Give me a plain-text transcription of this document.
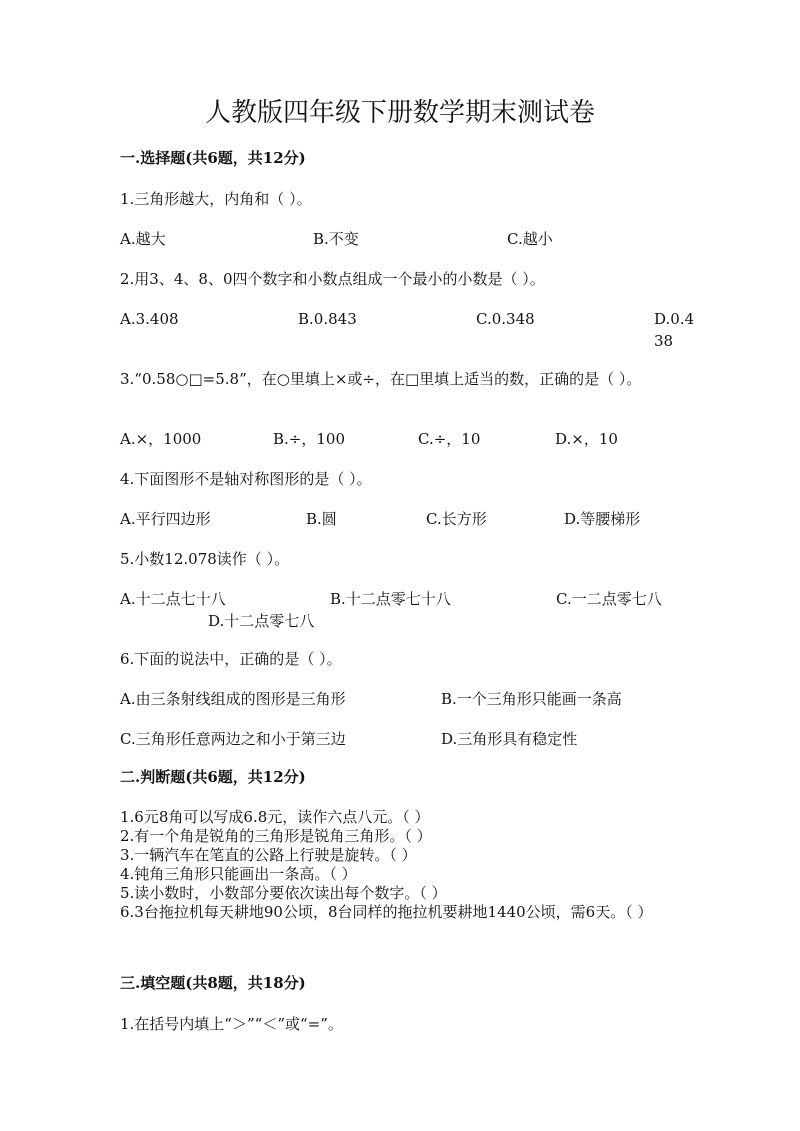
人教版四年级下册数学期末测试卷
一.选择题(共6题，共12分)
1.三角形越大，内角和（ ）。
A.越大	B.不变	C.越小
2.用3、4、8、0四个数字和小数点组成一个最小的小数是（ ）。
A.3.408	B.0.843	C.0.348	D.0.438
3.“0.58○□=5.8”，在○里填上×或÷，在□里填上适当的数，正确的是（ ）。
A.×，1000	B.÷，100	C.÷，10	D.×，10
4.下面图形不是轴对称图形的是（ ）。
A.平行四边形	B.圆	C.长方形	D.等腰梯形
5.小数12.078读作（ ）。
A.十二点七十八	B.十二点零七十八	C.一二点零七八
D.十二点零七八
6.下面的说法中，正确的是（ ）。
A.由三条射线组成的图形是三角形	B.一个三角形只能画一条高
C.三角形任意两边之和小于第三边	D.三角形具有稳定性
二.判断题(共6题，共12分)
1.6元8角可以写成6.8元，读作六点八元。（ ）
2.有一个角是锐角的三角形是锐角三角形。（ ）
3.一辆汽车在笔直的公路上行驶是旋转。（ ）
4.钝角三角形只能画出一条高。（ ）
5.读小数时，小数部分要依次读出每个数字。（ ）
6.3台拖拉机每天耕地90公顷，8台同样的拖拉机要耕地1440公顷，需6天。（ ）
三.填空题(共8题，共18分)
1.在括号内填上“＞”“＜”或“=”。
